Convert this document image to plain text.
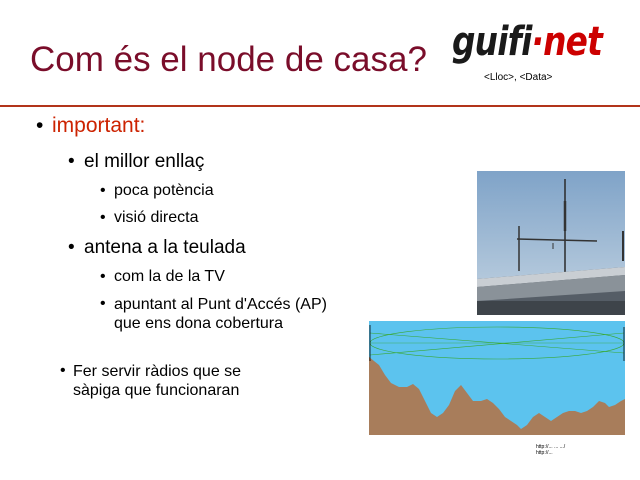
Com és el node de casa? guifi·net
<Lloc>, <Data>
• important:
• el millor enllaç
• poca potència
• visió directa
• antena a la teulada
• com la de la TV
• apuntant al Punt d'Accés (AP) que ens dona cobertura
• Fer servir ràdios que se sàpiga que funcionaran
http://... ... .../
http://...
